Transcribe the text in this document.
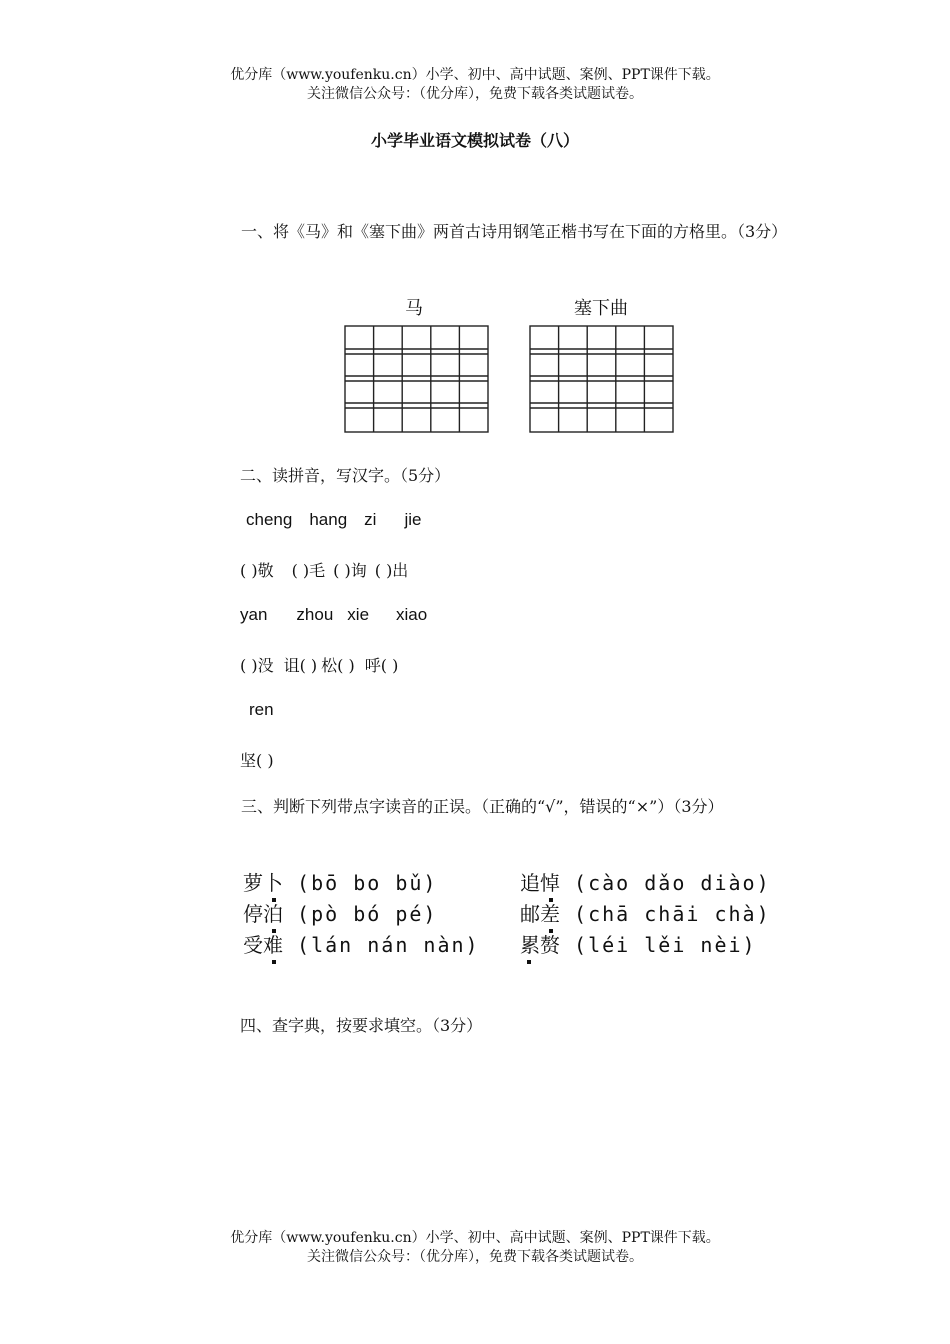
优分库（www.youfenku.cn）小学、初中、高中试题、案例、PPT课件下载。
关注微信公众号：（优分库），免费下载各类试题试卷。
小学毕业语文模拟试卷（八）
一、将《马》和《塞下曲》两首古诗用钢笔正楷书写在下面的方格里。（3分）
马	塞下曲
二、读拼音，写汉字。（5分）
cheng hang zi jie
( )敬 ( )毛 ( )询 ( )出
yan zhou xie xiao
( )没 诅( ) 松( ) 呼( )
ren
坚( )
三、判断下列带点字读音的正误。（正确的“√”，错误的“×”）（3分）
萝卜 (bō bo bǔ)
停泊 (pò bó pé)
受难 (lán nán nàn)
追悼 (cào dǎo diào)
邮差 (chā chāi chà)
累赘 (léi lěi nèi)
四、查字典，按要求填空。（3分）
优分库（www.youfenku.cn）小学、初中、高中试题、案例、PPT课件下载。
关注微信公众号：（优分库），免费下载各类试题试卷。
